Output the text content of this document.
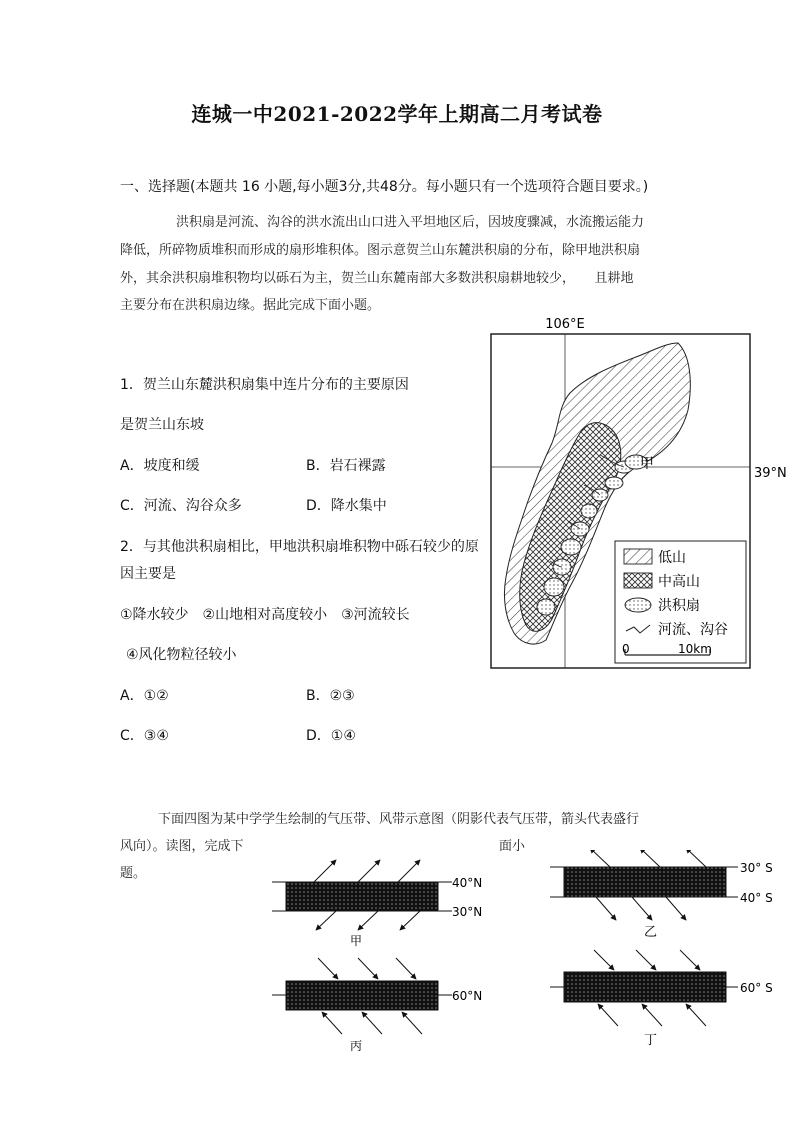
连城一中2021-2022学年上期高二月考试卷
一、选择题(本题共 16 小题,每小题3分,共48分。每小题只有一个选项符合题目要求。)
洪积扇是河流、沟谷的洪水流出山口进入平坦地区后，因坡度骤减，水流搬运能力
降低，所碎物质堆积而形成的扇形堆积体。图示意贺兰山东麓洪积扇的分布，除甲地洪积扇
外，其余洪积扇堆积物均以砾石为主，贺兰山东麓南部大多数洪积扇耕地较少，　　且耕地
主要分布在洪积扇边缘。据此完成下面小题。
1．贺兰山东麓洪积扇集中连片分布的主要原因
是贺兰山东坡
A．坡度和缓	B．岩石裸露
C．河流、沟谷众多	D．降水集中
2．与其他洪积扇相比，甲地洪积扇堆积物中砾石较少的原
因主要是
①降水较少　②山地相对高度较小　③河流较长
④风化物粒径较小
A．①②	B．②③
C．③④	D．①④
106°E
39°N
甲
低山
中高山
洪积扇
河流、沟谷
0	10km
下面四图为某中学学生绘制的气压带、风带示意图（阴影代表气压带，箭头代表盛行
风向）。读图，完成下	面小
题。
40°N
30°N
甲
30° S
40° S
乙
60°N
丙
60° S
丁
